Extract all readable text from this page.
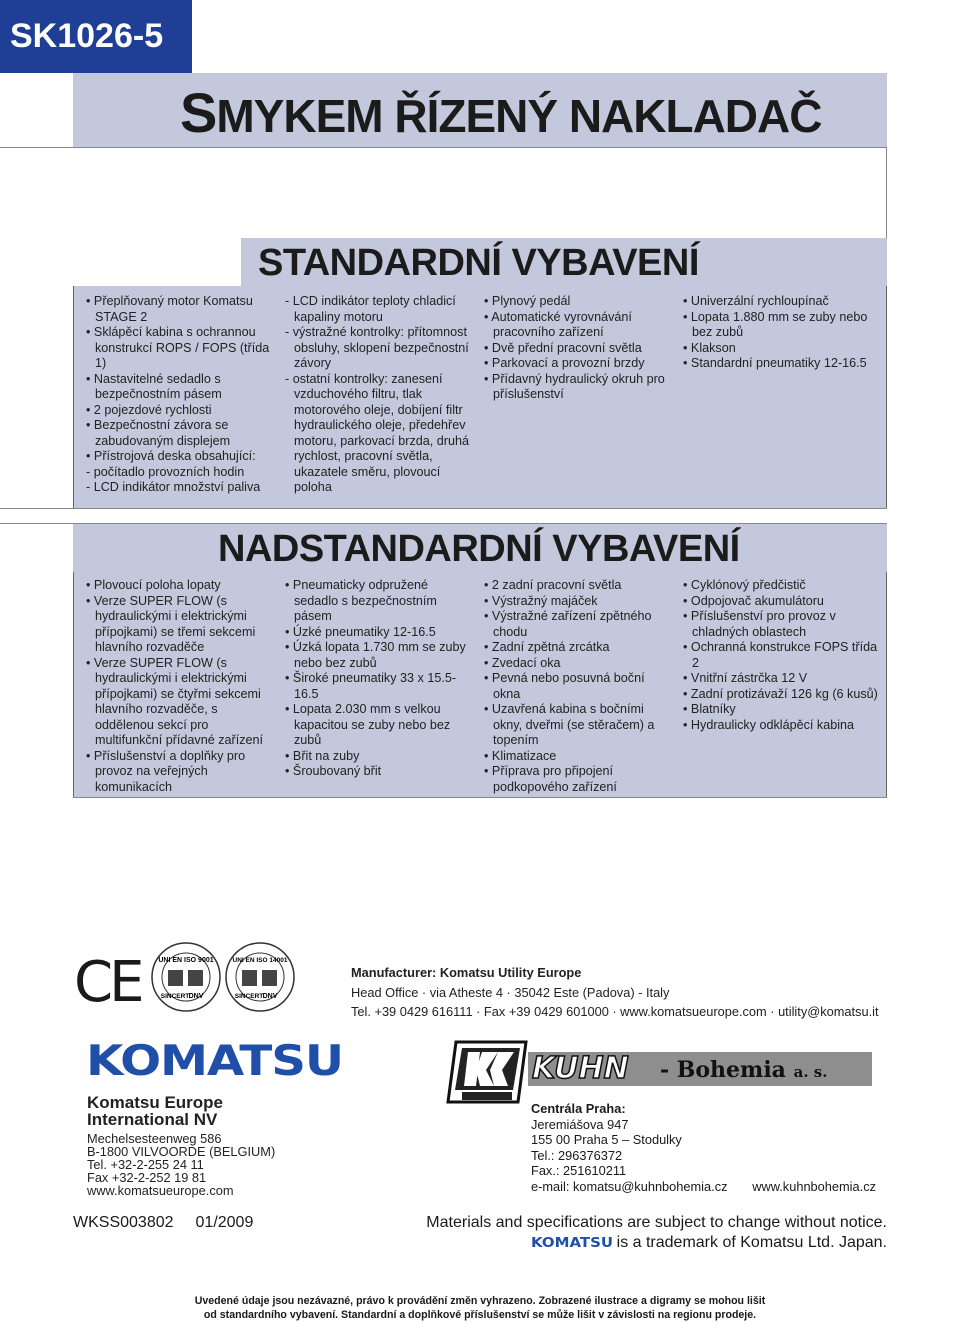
SK1026-5
SMYKEM ŘÍZENÝ NAKLADAČ
STANDARDNÍ VYBAVENÍ

• Přeplňovaný motor Komatsu STAGE 2

• Sklápěcí kabina s ochrannou konstrukcí ROPS / FOPS (třída 1)

• Nastavitelné sedadlo s bezpečnostním pásem

• 2 pojezdové rychlosti

• Bezpečnostní závora se zabudovaným displejem

• Přístrojová deska obsahující:

- počítadlo provozních hodin

- LCD indikátor množství paliva

- LCD indikátor teploty chladicí kapaliny motoru

- výstražné kontrolky: přítomnost obsluhy, sklopení bezpečnostní závory

- ostatní kontrolky: zanesení vzduchového filtru, tlak motorového oleje, dobíjení filtr hydraulického oleje, předehřev motoru, parkovací brzda, druhá rychlost, pracovní světla, ukazatele směru, plovoucí poloha

• Plynový pedál

• Automatické vyrovnávání pracovního zařízení

• Dvě přední pracovní světla

• Parkovací a provozní brzdy

• Přídavný hydraulický okruh pro příslušenství

• Univerzální rychloupínač

• Lopata 1.880 mm se zuby nebo bez zubů

• Klakson

• Standardní pneumatiky 12-16.5

NADSTANDARDNÍ VYBAVENÍ

• Plovoucí poloha lopaty

• Verze SUPER FLOW (s hydraulickými i elektrickými přípojkami) se třemi sekcemi hlavního rozvaděče

• Verze SUPER FLOW (s hydraulickými i elektrickými přípojkami) se čtyřmi sekcemi hlavního rozvaděče, s oddělenou sekcí pro multifunkční přídavné zařízení

• Příslušenství a doplňky pro provoz na veřejných komunikacích

• Pneumaticky odpružené sedadlo s bezpečnostním pásem

• Úzké pneumatiky 12-16.5

• Úzká lopata 1.730 mm se zuby nebo bez zubů

• Široké pneumatiky 33 x 15.5-16.5

• Lopata 2.030 mm s velkou kapacitou se zuby nebo bez zubů

• Břit na zuby

• Šroubovaný břit

• 2 zadní pracovní světla

• Výstražný majáček

• Výstražné zařízení zpětného chodu

• Zadní zpětná zrcátka

• Zvedací oka

• Pevná nebo posuvná boční okna

• Uzavřená kabina s bočními okny, dveřmi (se stěračem) a topením

• Klimatizace

• Příprava pro připojení podkopového zařízení

• Cyklónový předčistič

• Odpojovač akumulátoru

• Příslušenství pro provoz v chladných oblastech

• Ochranná konstrukce FOPS třída 2

• Vnitřní zástrčka 12 V

• Zadní protizávaží 126 kg (6 kusů)

• Blatníky

• Hydraulicky odklápěcí kabina

CE	UNI EN ISO 9001
SINCERT DNV
UNI EN ISO 14001
SINCERT DNV
Manufacturer: Komatsu Utility Europe
Head Office · via Atheste 4 · 35042 Este (Padova) - Italy
Tel. +39 0429 616111 · Fax +39 0429 601000 · www.komatsueurope.com · utility@komatsu.it
KOMATSU
Komatsu Europe
International NV
Mechelsesteenweg 586
B-1800 VILVOORDE (BELGIUM)
Tel. +32-2-255 24 11
Fax +32-2-252 19 81
www.komatsueurope.com
KUHN - Bohemia a. s.
Centrála Praha:
Jeremiášova 947
155 00 Praha 5 – Stodulky
Tel.: 296376372
Fax.: 251610211
e-mail: komatsu@kuhnbohemia.cz www.kuhnbohemia.cz
WKSS003802 01/2009	Materials and specifications are subject to change without notice.
KOMATSU is a trademark of Komatsu Ltd. Japan.
Uvedené údaje jsou nezávazné, právo k provádění změn vyhrazeno. Zobrazené ilustrace a digramy se mohou lišit
od standardního vybavení. Standardní a doplňkové příslušenství se může lišit v závislosti na regionu prodeje.
